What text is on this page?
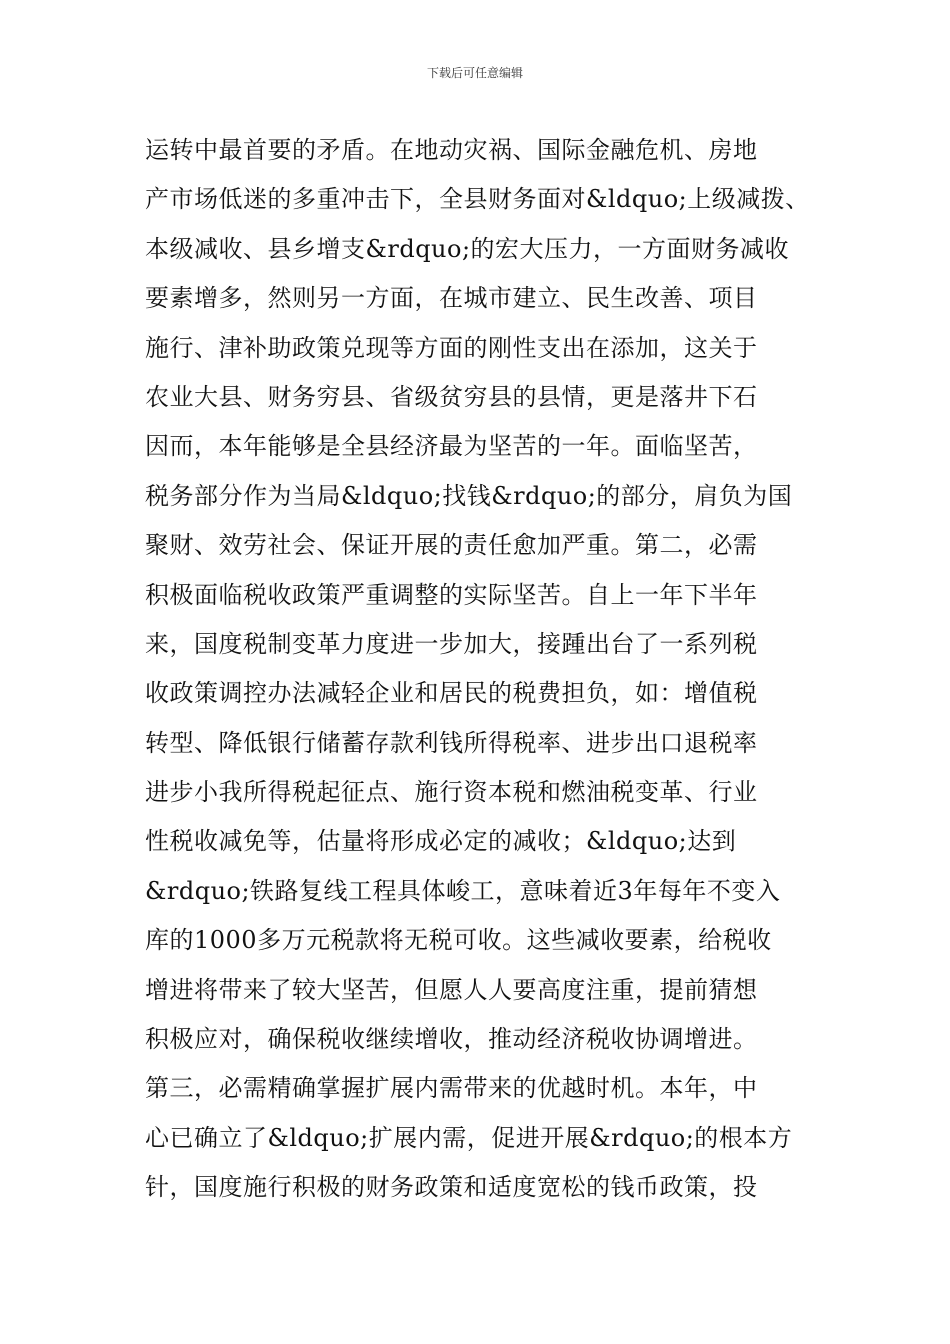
下载后可任意编辑
运转中最首要的矛盾。在地动灾祸、国际金融危机、房地
产市场低迷的多重冲击下，全县财务面对&ldquo;上级减拨、
本级减收、县乡增支&rdquo;的宏大压力，一方面财务减收
要素增多，然则另一方面，在城市建立、民生改善、项目
施行、津补助政策兑现等方面的刚性支出在添加，这关于
农业大县、财务穷县、省级贫穷县的县情，更是落井下石
因而，本年能够是全县经济最为坚苦的一年。面临坚苦，
税务部分作为当局&ldquo;找钱&rdquo;的部分，肩负为国
聚财、效劳社会、保证开展的责任愈加严重。第二，必需
积极面临税收政策严重调整的实际坚苦。自上一年下半年
来，国度税制变革力度进一步加大，接踵出台了一系列税
收政策调控办法减轻企业和居民的税费担负，如：增值税
转型、降低银行储蓄存款利钱所得税率、进步出口退税率
进步小我所得税起征点、施行资本税和燃油税变革、行业
性税收减免等，估量将形成必定的减收；&ldquo;达到
&rdquo;铁路复线工程具体峻工，意味着近3年每年不变入
库的1000多万元税款将无税可收。这些减收要素，给税收
增进将带来了较大坚苦，但愿人人要高度注重，提前猜想
积极应对，确保税收继续增收，推动经济税收协调增进。
第三，必需精确掌握扩展内需带来的优越时机。本年，中
心已确立了&ldquo;扩展内需，促进开展&rdquo;的根本方
针，国度施行积极的财务政策和适度宽松的钱币政策，投
